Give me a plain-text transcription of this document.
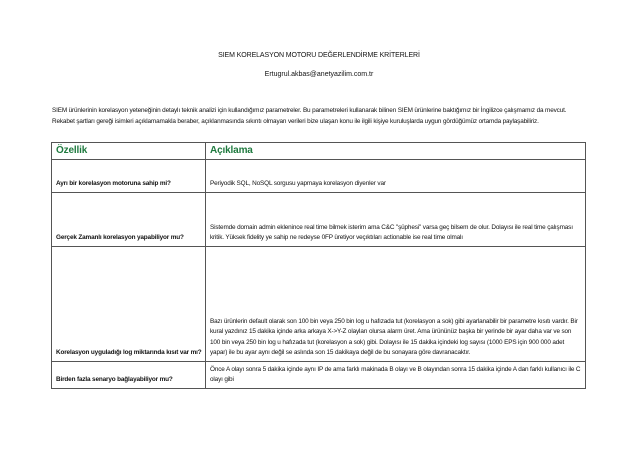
SIEM KORELASYON MOTORU DEĞERLENDİRME KRİTERLERİ
Ertugrul.akbas@anetyazilim.com.tr
SIEM ürünlerinin korelasyon yeteneğinin detaylı teknik analizi için kullandığımız parametreler. Bu parametreleri kullanarak bilinen SIEM ürünlerine baktığımız bir İngilizce çalışmamız da mevcut. Rekabet şartları gereği isimleri açıklamamakla beraber, açıklanmasında sıkıntı olmayan verileri bize ulaşan konu ile ilgili kişiye kuruluşlarda uygun gördüğümüz ortamda paylaşabiliriz.
Özellik	Açıklama
Ayrı bir korelasyon motoruna sahip mi?	Periyodik SQL, NoSQL sorgusu yapmaya korelasyon diyenler var
Gerçek Zamanlı korelasyon yapabiliyor mu?	Sistemde domain admin eklenince real time bilmek isterim ama C&C "şüphesi" varsa geç bilsem de olur. Dolayısı ile real time çalışması kritik. Yüksek fidelity ye sahip ne redeyse 0FP üretiyor veçıktıları actionable ise real time olmalı
Korelasyon uyguladığı log miktarında kısıt var mı?	Bazı ürünlerin default olarak son 100 bin veya 250 bin log u hafızada tut (korelasyon a sok) gibi ayarlanabilir bir parametre kısıtı vardır. Bir kural yazdınız 15 dakika içinde arka arkaya X->Y-Z olayları olursa alarm üret. Ama ürününüz başka bir yerinde bir ayar daha var ve son 100 bin veya 250 bin log u hafızada tut (korelasyon a sok) gibi. Dolayısı ile 15 dakika içindeki log sayısı (1000 EPS için 900 000 adet yapar) ile bu ayar aynı değil se aslında son 15 dakikaya değil de bu sonayara göre davranacaktır.
Birden fazla senaryo bağlayabiliyor mu?	Önce A olayı sonra 5 dakika içinde aynı IP de ama farklı makinada B olayı ve B olayından sonra 15 dakika içinde A dan farklı kullanıcı ile C olayı gibi
